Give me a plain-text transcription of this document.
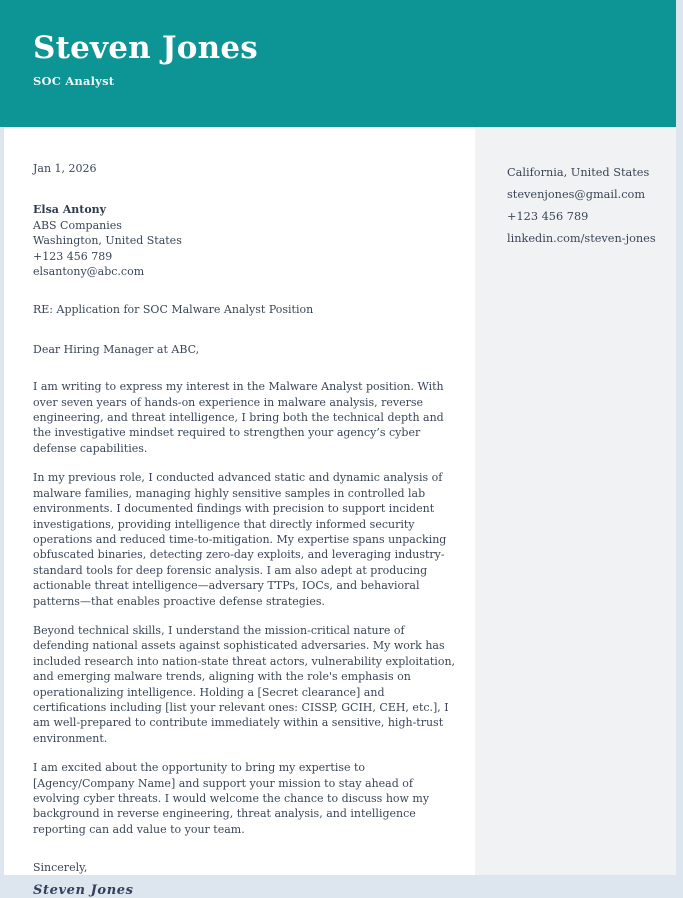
Steven Jones
SOC Analyst

Jan 1, 2026

Elsa Antony
ABS Companies
Washington, United States
+123 456 789
elsantony@abc.com

RE: Application for SOC Malware Analyst Position

Dear Hiring Manager at ABC,

I am writing to express my interest in the Malware Analyst position. With over seven years of hands-on experience in malware analysis, reverse engineering, and threat intelligence, I bring both the technical depth and the investigative mindset required to strengthen your agency’s cyber defense capabilities.

In my previous role, I conducted advanced static and dynamic analysis of malware families, managing highly sensitive samples in controlled lab environments. I documented findings with precision to support incident investigations, providing intelligence that directly informed security operations and reduced time-to-mitigation. My expertise spans unpacking obfuscated binaries, detecting zero-day exploits, and leveraging industry-standard tools for deep forensic analysis. I am also adept at producing actionable threat intelligence—adversary TTPs, IOCs, and behavioral patterns—that enables proactive defense strategies.

Beyond technical skills, I understand the mission-critical nature of defending national assets against sophisticated adversaries. My work has included research into nation-state threat actors, vulnerability exploitation, and emerging malware trends, aligning with the role's emphasis on operationalizing intelligence. Holding a [Secret clearance] and certifications including [list your relevant ones: CISSP, GCIH, CEH, etc.], I am well-prepared to contribute immediately within a sensitive, high-trust environment.

I am excited about the opportunity to bring my expertise to [Agency/Company Name] and support your mission to stay ahead of evolving cyber threats. I would welcome the chance to discuss how my background in reverse engineering, threat analysis, and intelligence reporting can add value to your team.

Sincerely,

Steven Jones
California, United States
stevenjones@gmail.com
+123 456 789
linkedin.com/steven-jones
